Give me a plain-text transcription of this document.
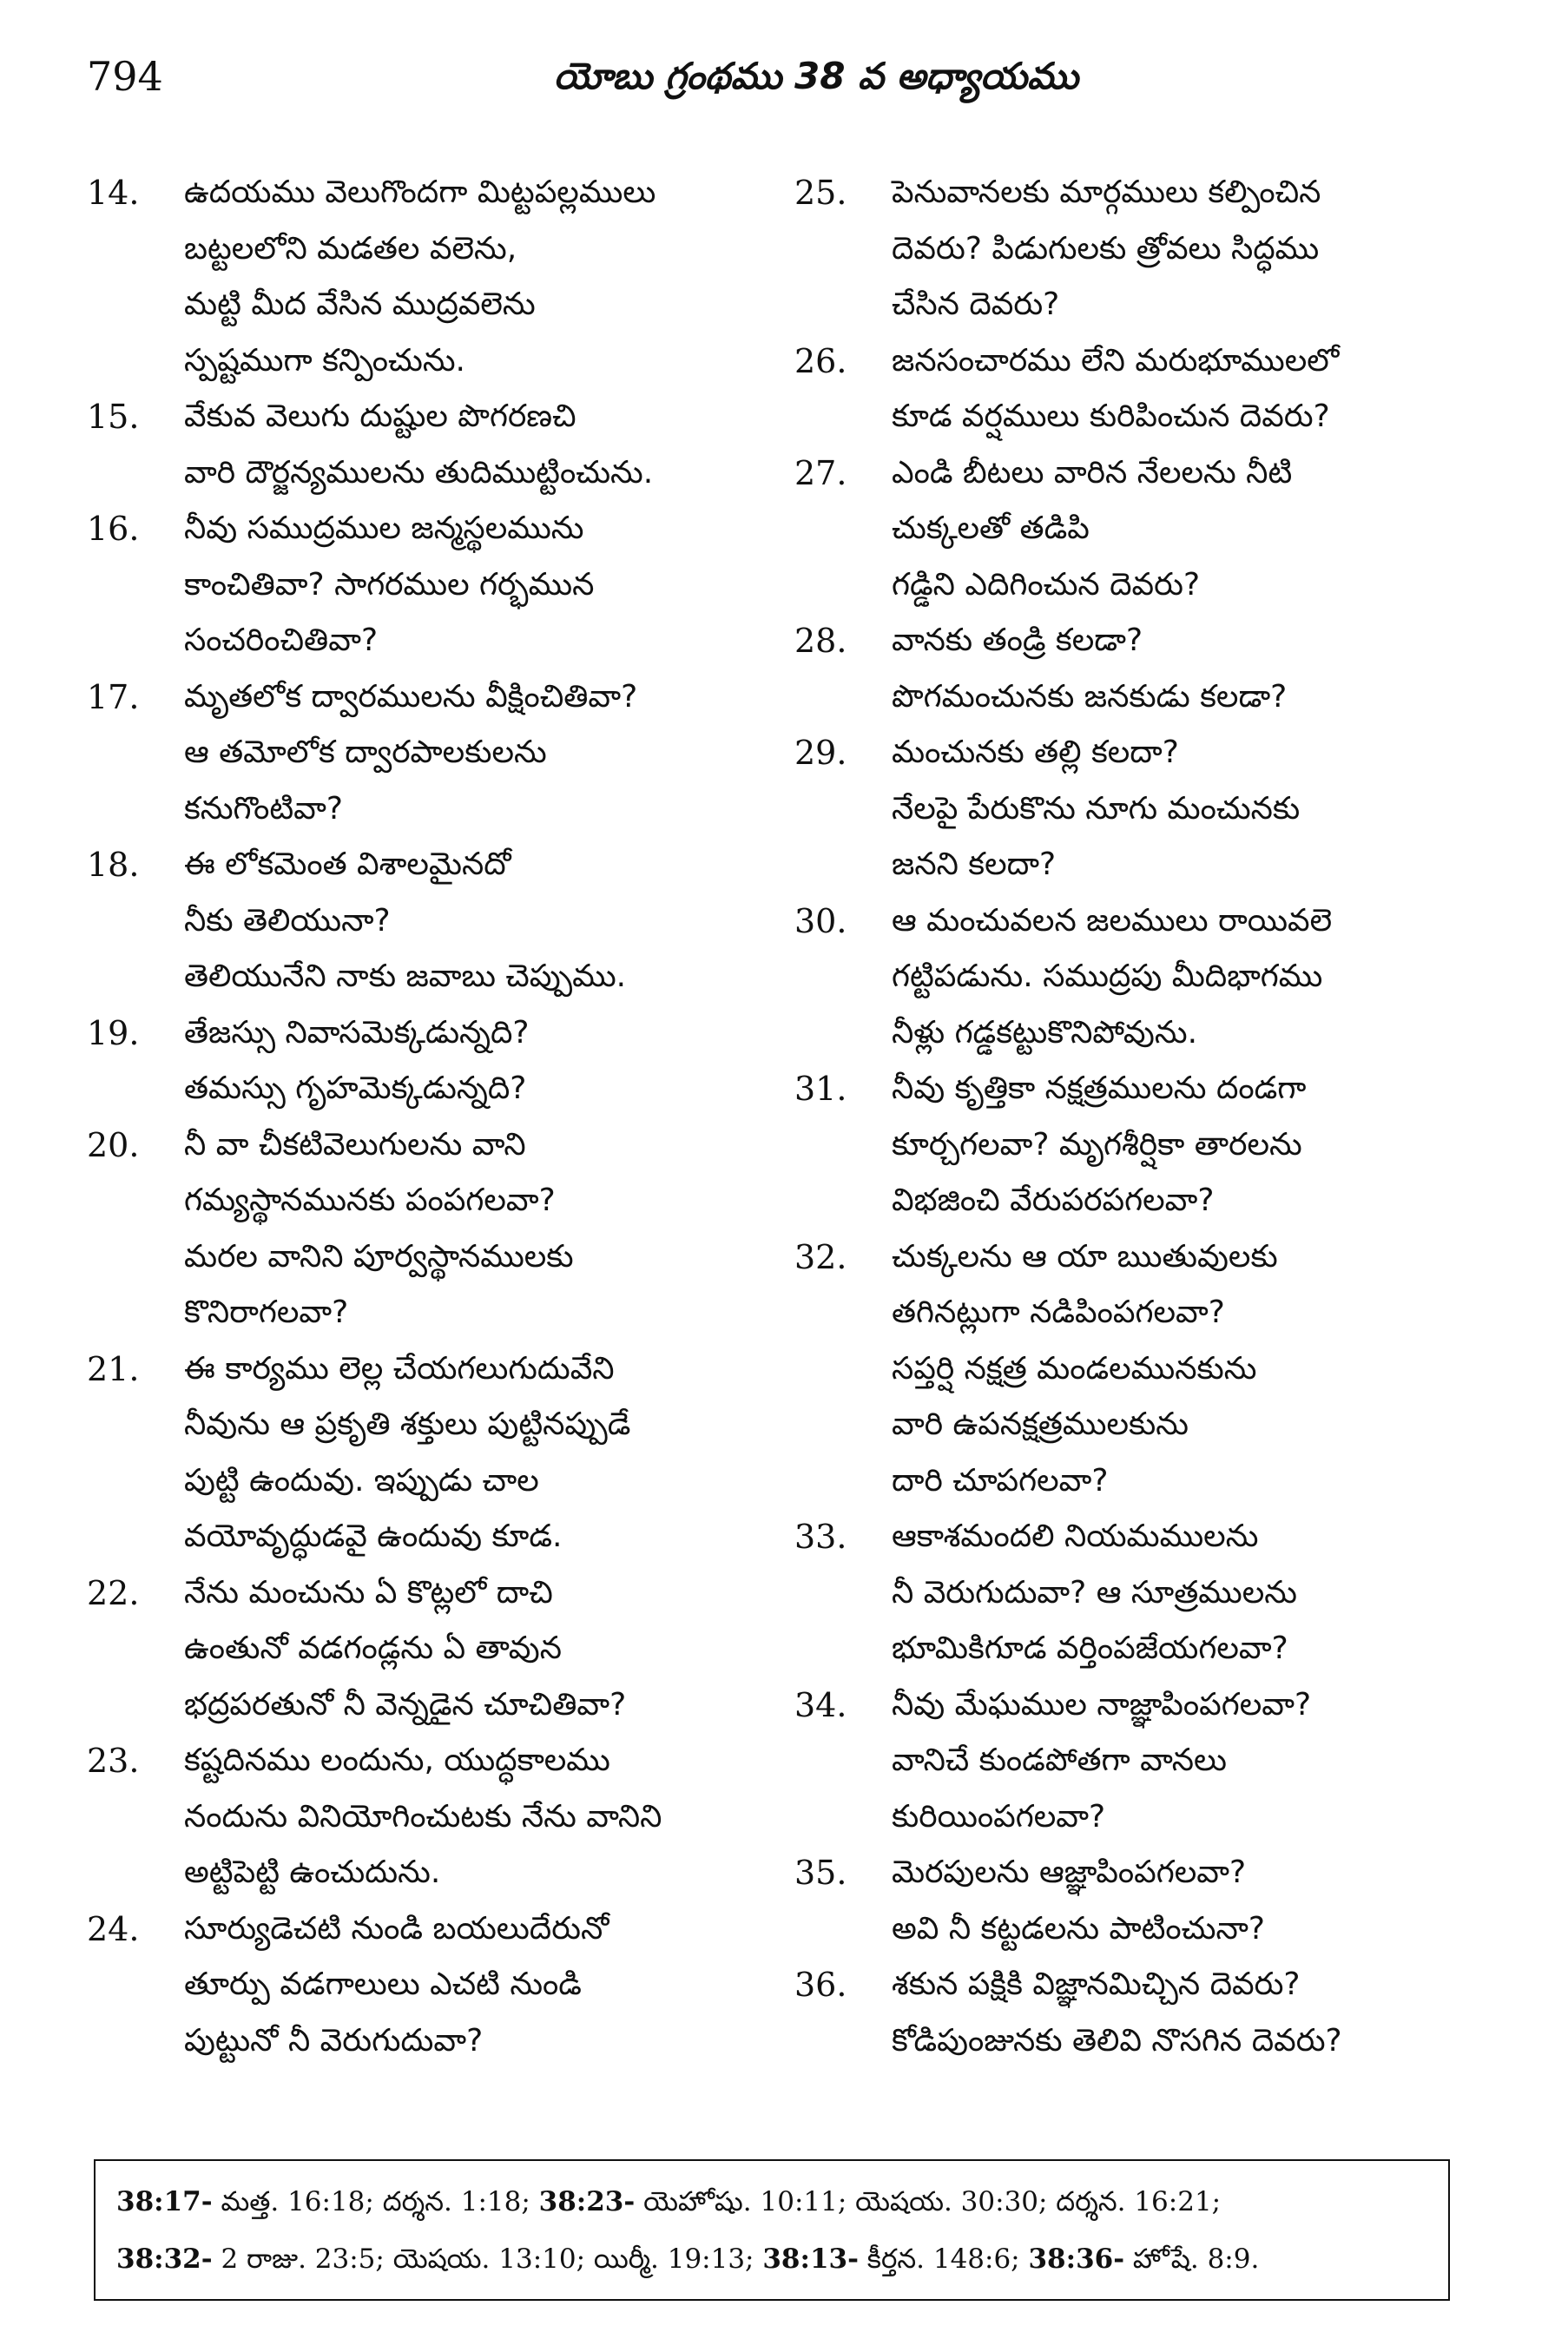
794	యోబు గ్రంథము 38 వ అధ్యాయము
14.	ఉదయము వెలుగొందగా మిట్టపల్లములు
బట్టలలోని మడతల వలెను,
మట్టి మీద వేసిన ముద్రవలెను
స్పష్టముగా కన్పించును.
15.	వేకువ వెలుగు దుష్టుల పొగరణచి
వారి దౌర్జన్యములను తుదిముట్టించును.
16.	నీవు సముద్రముల జన్మస్థలమును
కాంచితివా? సాగరముల గర్భమున
సంచరించితివా?
17.	మృతలోక ద్వారములను వీక్షించితివా?
ఆ తమోలోక ద్వారపాలకులను
కనుగొంటివా?
18.	ఈ లోకమెంత విశాలమైనదో
నీకు తెలియునా?
తెలియునేని నాకు జవాబు చెప్పుము.
19.	తేజస్సు నివాసమెక్కడున్నది?
తమస్సు గృహమెక్కడున్నది?
20.	నీ వా చీకటివెలుగులను వాని
గమ్యస్థానమునకు పంపగలవా?
మరల వానిని పూర్వస్థానములకు
కొనిరాగలవా?
21.	ఈ కార్యము లెల్ల చేయగలుగుదువేని
నీవును ఆ ప్రకృతి శక్తులు పుట్టినప్పుడే
పుట్టి ఉందువు. ఇప్పుడు చాల
వయోవృద్ధుడవై ఉందువు కూడ.
22.	నేను మంచును ఏ కొట్లలో దాచి
ఉంతునో వడగండ్లను ఏ తావున
భద్రపరతునో నీ వెన్నడైన చూచితివా?
23.	కష్టదినము లందును, యుద్ధకాలము
నందును వినియోగించుటకు నేను వానిని
అట్టిపెట్టి ఉంచుదును.
24.	సూర్యుడెచటి నుండి బయలుదేరునో
తూర్పు వడగాలులు ఎచటి నుండి
పుట్టునో నీ వెరుగుదువా?
25.	పెనువానలకు మార్గములు కల్పించిన
దెవరు? పిడుగులకు త్రోవలు సిద్ధము
చేసిన దెవరు?
26.	జనసంచారము లేని మరుభూములలో
కూడ వర్షములు కురిపించున దెవరు?
27.	ఎండి బీటలు వారిన నేలలను నీటి
చుక్కలతో తడిపి
గడ్డిని ఎదిగించున దెవరు?
28.	వానకు తండ్రి కలడా?
పొగమంచునకు జనకుడు కలడా?
29.	మంచునకు తల్లి కలదా?
నేలపై పేరుకొను నూగు మంచునకు
జనని కలదా?
30.	ఆ మంచువలన జలములు రాయివలె
గట్టిపడును. సముద్రపు మీదిభాగము
నీళ్లు గడ్డకట్టుకొనిపోవును.
31.	నీవు కృత్తికా నక్షత్రములను దండగా
కూర్చగలవా? మృగశీర్షికా తారలను
విభజించి వేరుపరపగలవా?
32.	చుక్కలను ఆ యా ఋతువులకు
తగినట్లుగా నడిపింపగలవా?
సప్తర్షి నక్షత్ర మండలమునకును
వారి ఉపనక్షత్రములకును
దారి చూపగలవా?
33.	ఆకాశమందలి నియమములను
నీ వెరుగుదువా? ఆ సూత్రములను
భూమికిగూడ వర్తింపజేయగలవా?
34.	నీవు మేఘముల నాజ్ఞాపింపగలవా?
వానిచే కుండపోతగా వానలు
కురియింపగలవా?
35.	మెరపులను ఆజ్ఞాపింపగలవా?
అవి నీ కట్టడలను పాటించునా?
36.	శకున పక్షికి విజ్ఞానమిచ్చిన దెవరు?
కోడిపుంజునకు తెలివి నొసగిన దెవరు?
38:17- మత్త. 16:18; దర్శన. 1:18; 38:23- యెహోషు. 10:11; యెషయ. 30:30; దర్శన. 16:21;
38:32- 2 రాజు. 23:5; యెషయ. 13:10; యిర్మీ. 19:13; 38:13- కీర్తన. 148:6; 38:36- హోషే. 8:9.
